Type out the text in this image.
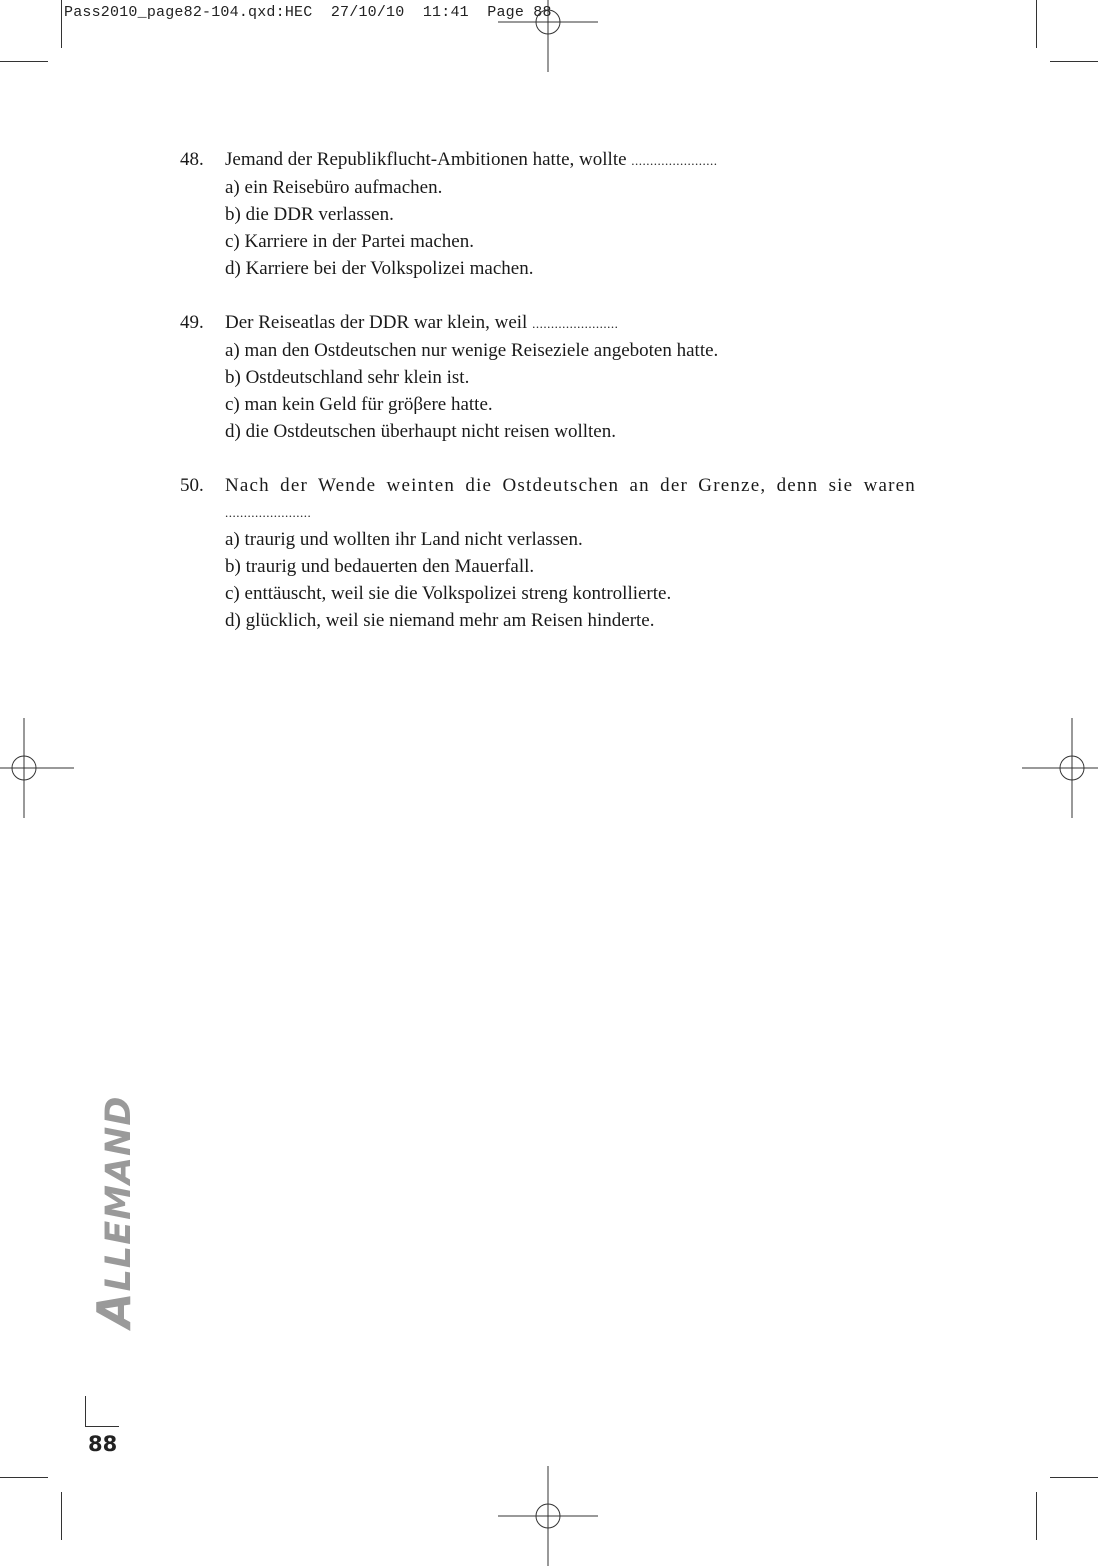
Pass2010_page82-104.qxd:HEC  27/10/10  11:41  Page 88
48.	Jemand der Republikflucht-Ambitionen hatte, wollte .......................
a) ein Reisebüro aufmachen.
b) die DDR verlassen.
c) Karriere in der Partei machen.
d) Karriere bei der Volkspolizei machen.
49.	Der Reiseatlas der DDR war klein, weil .......................
a) man den Ostdeutschen nur wenige Reiseziele angeboten hatte.
b) Ostdeutschland sehr klein ist.
c) man kein Geld für gröβere hatte.
d) die Ostdeutschen überhaupt nicht reisen wollten.
50.	Nach der Wende weinten die Ostdeutschen an der Grenze, denn sie waren
.......................
a) traurig und wollten ihr Land nicht verlassen.
b) traurig und bedauerten den Mauerfall.
c) enttäuscht, weil sie die Volkspolizei streng kontrollierte.
d) glücklich, weil sie niemand mehr am Reisen hinderte.
ALLEMAND
88
